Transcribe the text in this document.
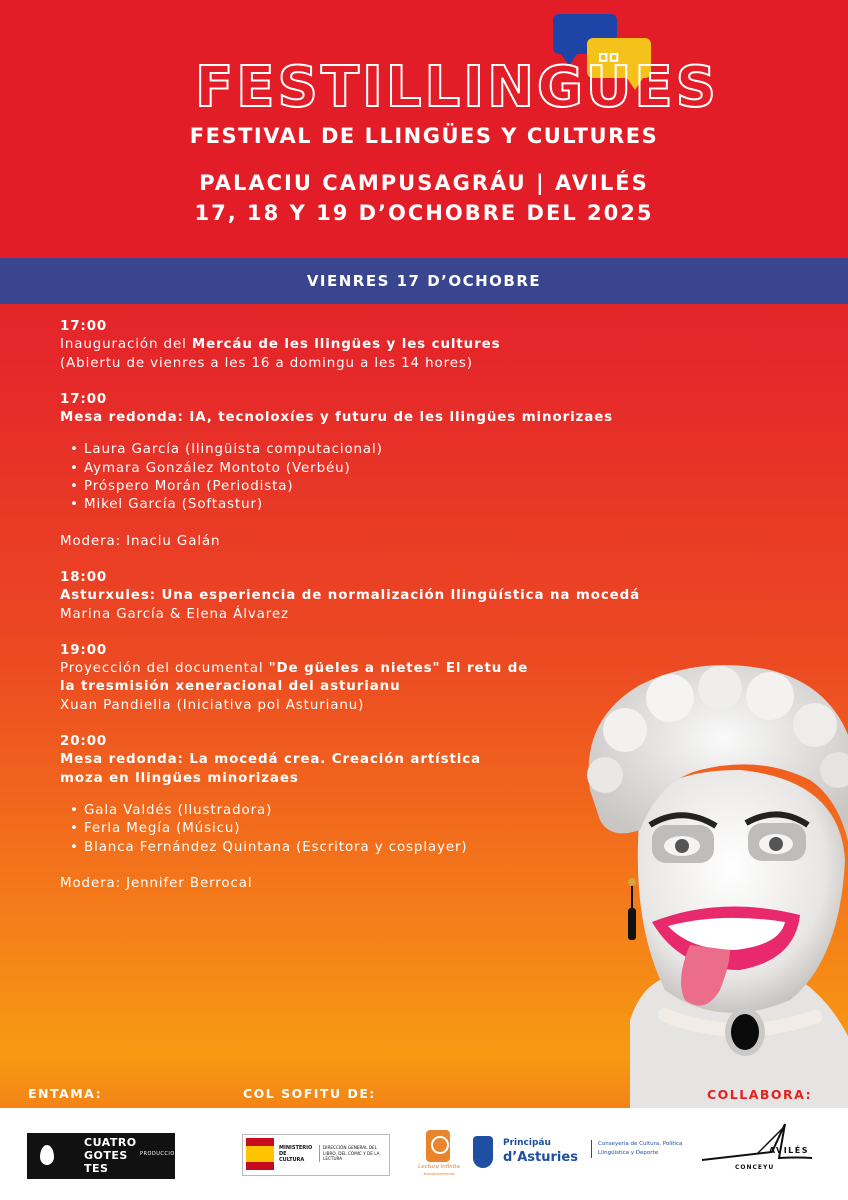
FESTILLINGÜES
FESTIVAL DE LLINGÜES Y CULTURES
PALACIU CAMPUSAGRÁU | AVILÉS
17, 18 Y 19 D’OCHOBRE DEL 2025
VIENRES 17 D’OCHOBRE
17:00
Inauguración del Mercáu de les llingües y les cultures
(Abiertu de vienres a les 16 a domingu a les 14 hores)
17:00
Mesa redonda: IA, tecnoloxíes y futuru de les llingües minorizaes
• Laura García (llingüista computacional)
• Aymara González Montoto (Verbéu)
• Próspero Morán (Periodista)
• Mikel García (Softastur)
Modera: Inaciu Galán
18:00
Asturxules: Una esperiencia de normalización llingüística na mocedá
Marina García & Elena Álvarez
19:00
Proyección del documental "De güeles a nietes" El retu de
la tresmisión xeneracional del asturianu
Xuan Pandiella (Iniciativa pol Asturianu)
20:00
Mesa redonda: La mocedá crea. Creación artística
moza en llingües minorizaes
• Gala Valdés (Ilustradora)
• Ferla Megía (Músicu)
• Blanca Fernández Quintana (Escritora y cosplayer)
Modera: Jennifer Berrocal
ENTAMA:	COL SOFITU DE:	COLLABORA:
CUATRO
GOTES
TES
PRODUCCIONES
MINISTERIO DE CULTURA
DIRECCIÓN GENERAL DEL LIBRO, DEL CÓMIC Y DE LA LECTURA
Lectura Infinita
#porqueleeremos
Principáu
d’Asturies
Conseyería de Cultura, Política Llingüística y Deporte	AVILÉS
CONCEYU
